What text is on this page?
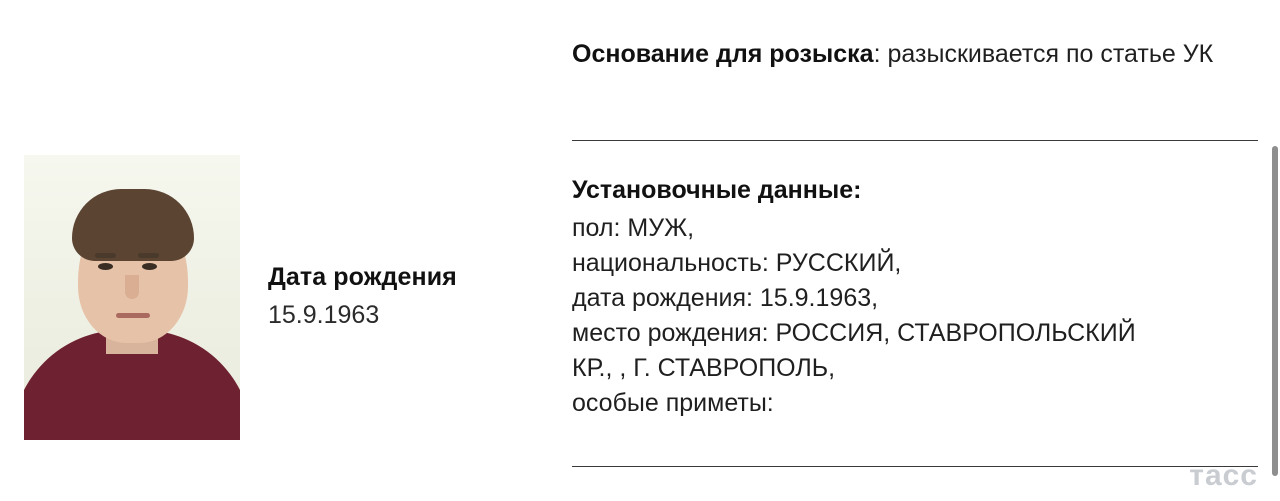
Дата рождения
15.9.1963
Основание для розыска: разыскивается по статье УК
Установочные данные:
пол: МУЖ,
национальность: РУССКИЙ,
дата рождения: 15.9.1963,
место рождения: РОССИЯ, СТАВРОПОЛЬСКИЙ
КР., , Г. СТАВРОПОЛЬ,
особые приметы:
тасс
